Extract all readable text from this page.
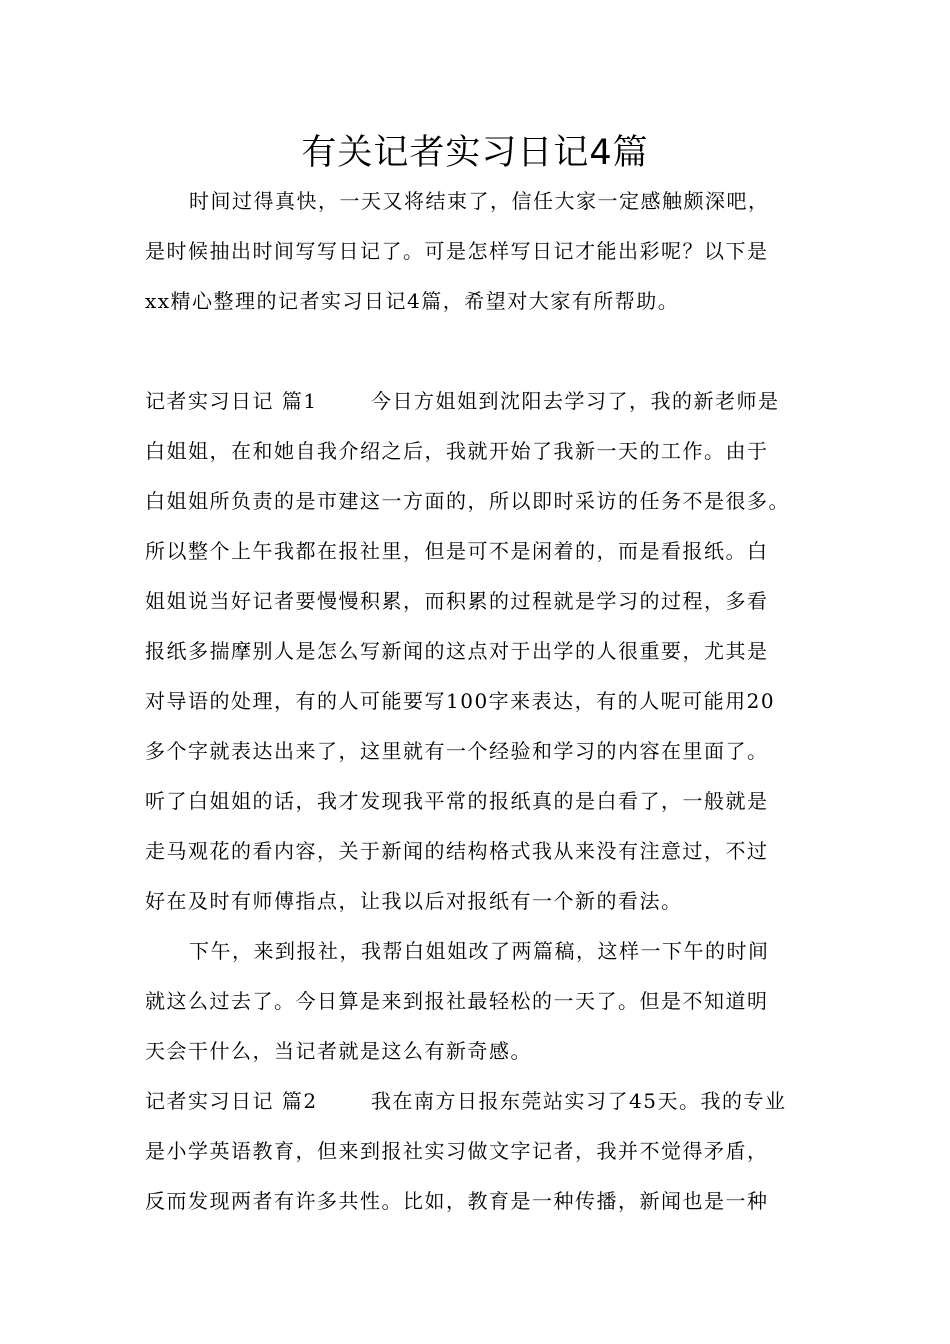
有关记者实习日记4篇
时间过得真快，一天又将结束了，信任大家一定感触颇深吧，
是时候抽出时间写写日记了。可是怎样写日记才能出彩呢？以下是
xx精心整理的记者实习日记4篇，希望对大家有所帮助。
记者实习日记 篇1	今日方姐姐到沈阳去学习了，我的新老师是
白姐姐，在和她自我介绍之后，我就开始了我新一天的工作。由于
白姐姐所负责的是市建这一方面的，所以即时采访的任务不是很多。
所以整个上午我都在报社里，但是可不是闲着的，而是看报纸。白
姐姐说当好记者要慢慢积累，而积累的过程就是学习的过程，多看
报纸多揣摩别人是怎么写新闻的这点对于出学的人很重要，尤其是
对导语的处理，有的人可能要写100字来表达，有的人呢可能用20
多个字就表达出来了，这里就有一个经验和学习的内容在里面了。
听了白姐姐的话，我才发现我平常的报纸真的是白看了，一般就是
走马观花的看内容，关于新闻的结构格式我从来没有注意过，不过
好在及时有师傅指点，让我以后对报纸有一个新的看法。
下午，来到报社，我帮白姐姐改了两篇稿，这样一下午的时间
就这么过去了。今日算是来到报社最轻松的一天了。但是不知道明
天会干什么，当记者就是这么有新奇感。
记者实习日记 篇2	我在南方日报东莞站实习了45天。我的专业
是小学英语教育，但来到报社实习做文字记者，我并不觉得矛盾，
反而发现两者有许多共性。比如，教育是一种传播，新闻也是一种
